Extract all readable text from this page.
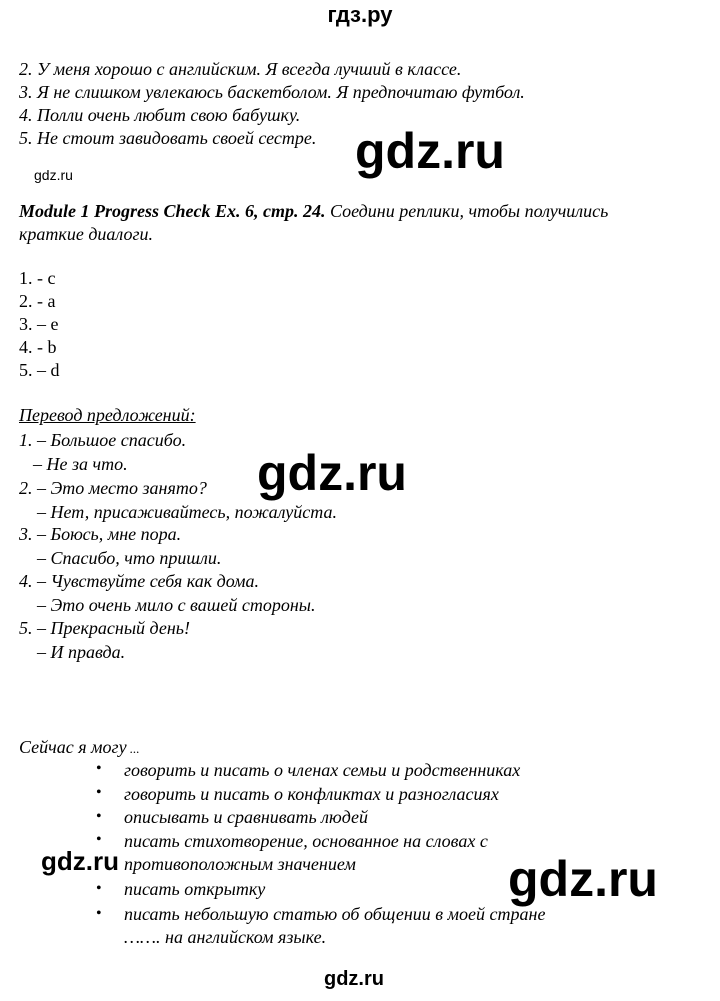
гдз.ру
2. У меня хорошо с английским. Я всегда лучший в классе.
3. Я не слишком увлекаюсь баскетболом. Я предпочитаю футбол.
4. Полли очень любит свою бабушку.
5. Не стоит завидовать своей сестре. gdz.ru
gdz.ru
Module 1 Progress Check Ex. 6, стр. 24. Соедини реплики, чтобы получились
краткие диалоги.
1. - c
2. - a
3. – e
4. - b
5. – d
Перевод предложений:
1. – Большое спасибо.
– Не за что.
2. – Это место занято?
– Нет, присаживайтесь, пожалуйста.
3. – Боюсь, мне пора.
– Спасибо, что пришли.
4. – Чувствуйте себя как дома.
– Это очень мило с вашей стороны.
5. – Прекрасный день!
– И правда.
gdz.ru
Сейчас я могу ...
• говорить и писать о членах семьи и родственниках
• говорить и писать о конфликтах и разногласиях
• описывать и сравнивать людей
• писать стихотворение, основанное на словах с
противоположным значением
• писать открытку
• писать небольшую статью об общении в моей стране
……. на английском языке.
gdz.ru	gdz.ru
gdz.ru
